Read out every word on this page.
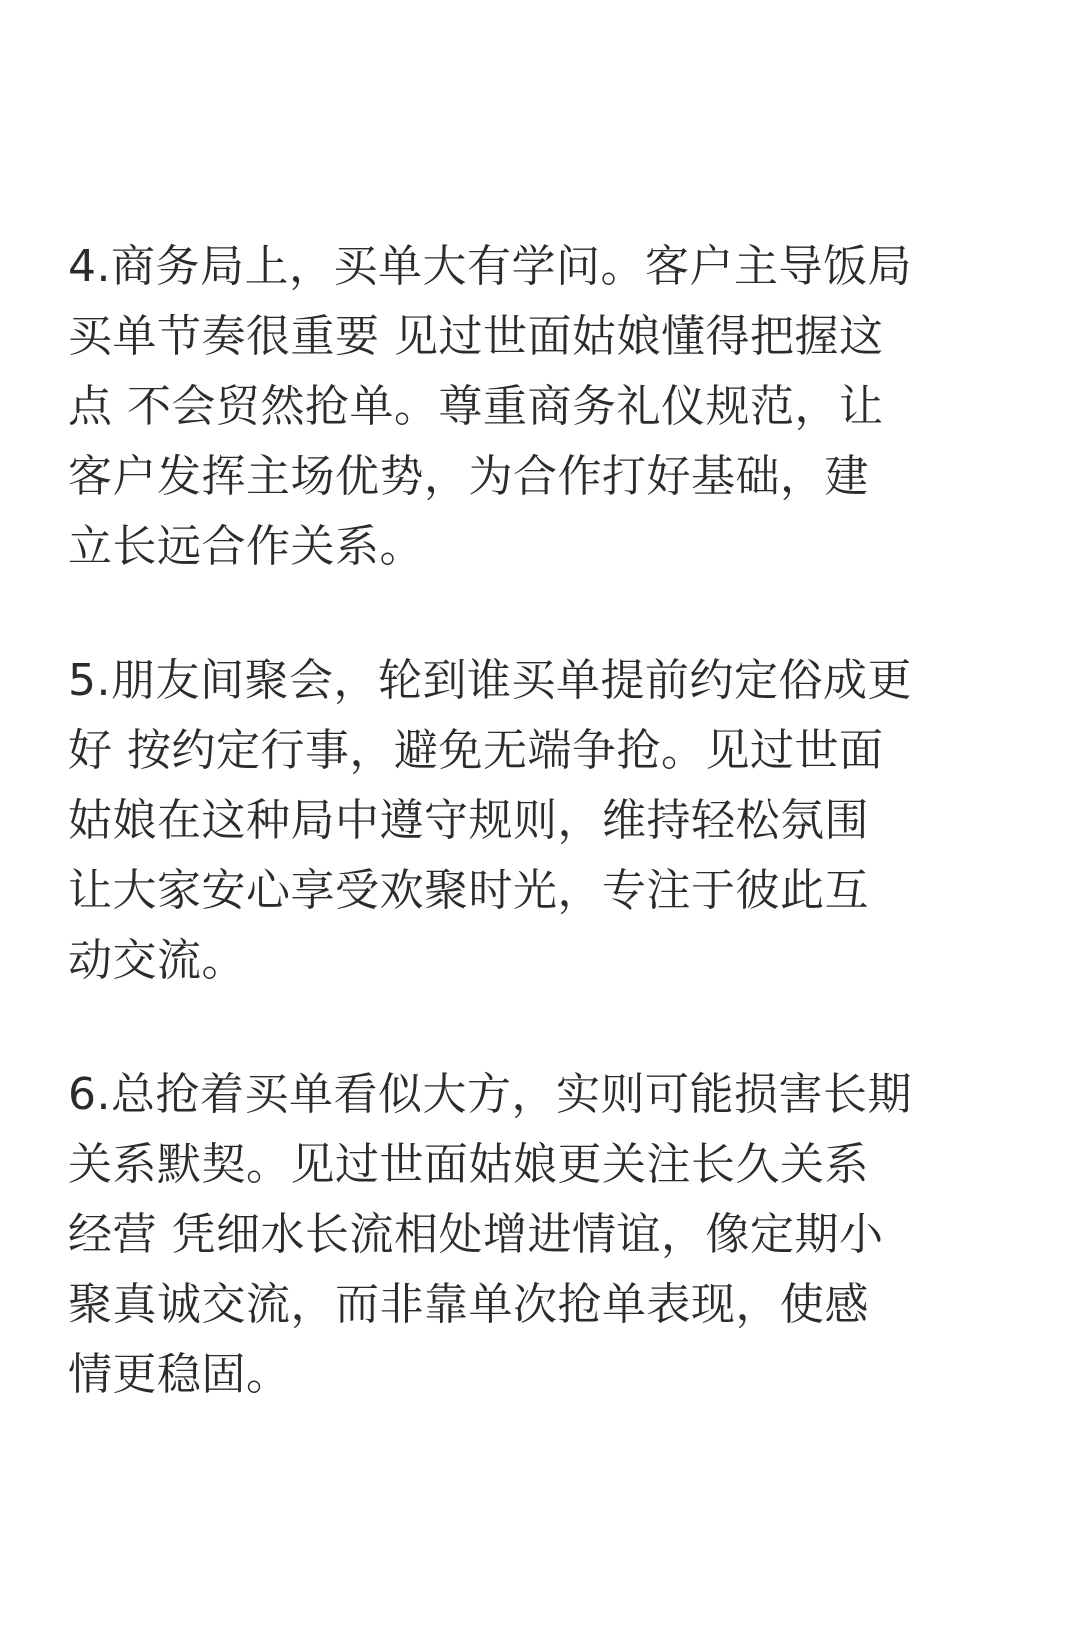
4.商务局上，买单大有学问。客户主导饭局
买单节奏很重要 见过世面姑娘懂得把握这
点 不会贸然抢单。尊重商务礼仪规范，让
客户发挥主场优势，为合作打好基础，建
立长远合作关系。

5.朋友间聚会，轮到谁买单提前约定俗成更
好 按约定行事，避免无端争抢。见过世面
姑娘在这种局中遵守规则，维持轻松氛围
让大家安心享受欢聚时光，专注于彼此互
动交流。

6.总抢着买单看似大方，实则可能损害长期
关系默契。见过世面姑娘更关注长久关系
经营 凭细水长流相处增进情谊，像定期小
聚真诚交流，而非靠单次抢单表现，使感
情更稳固。
